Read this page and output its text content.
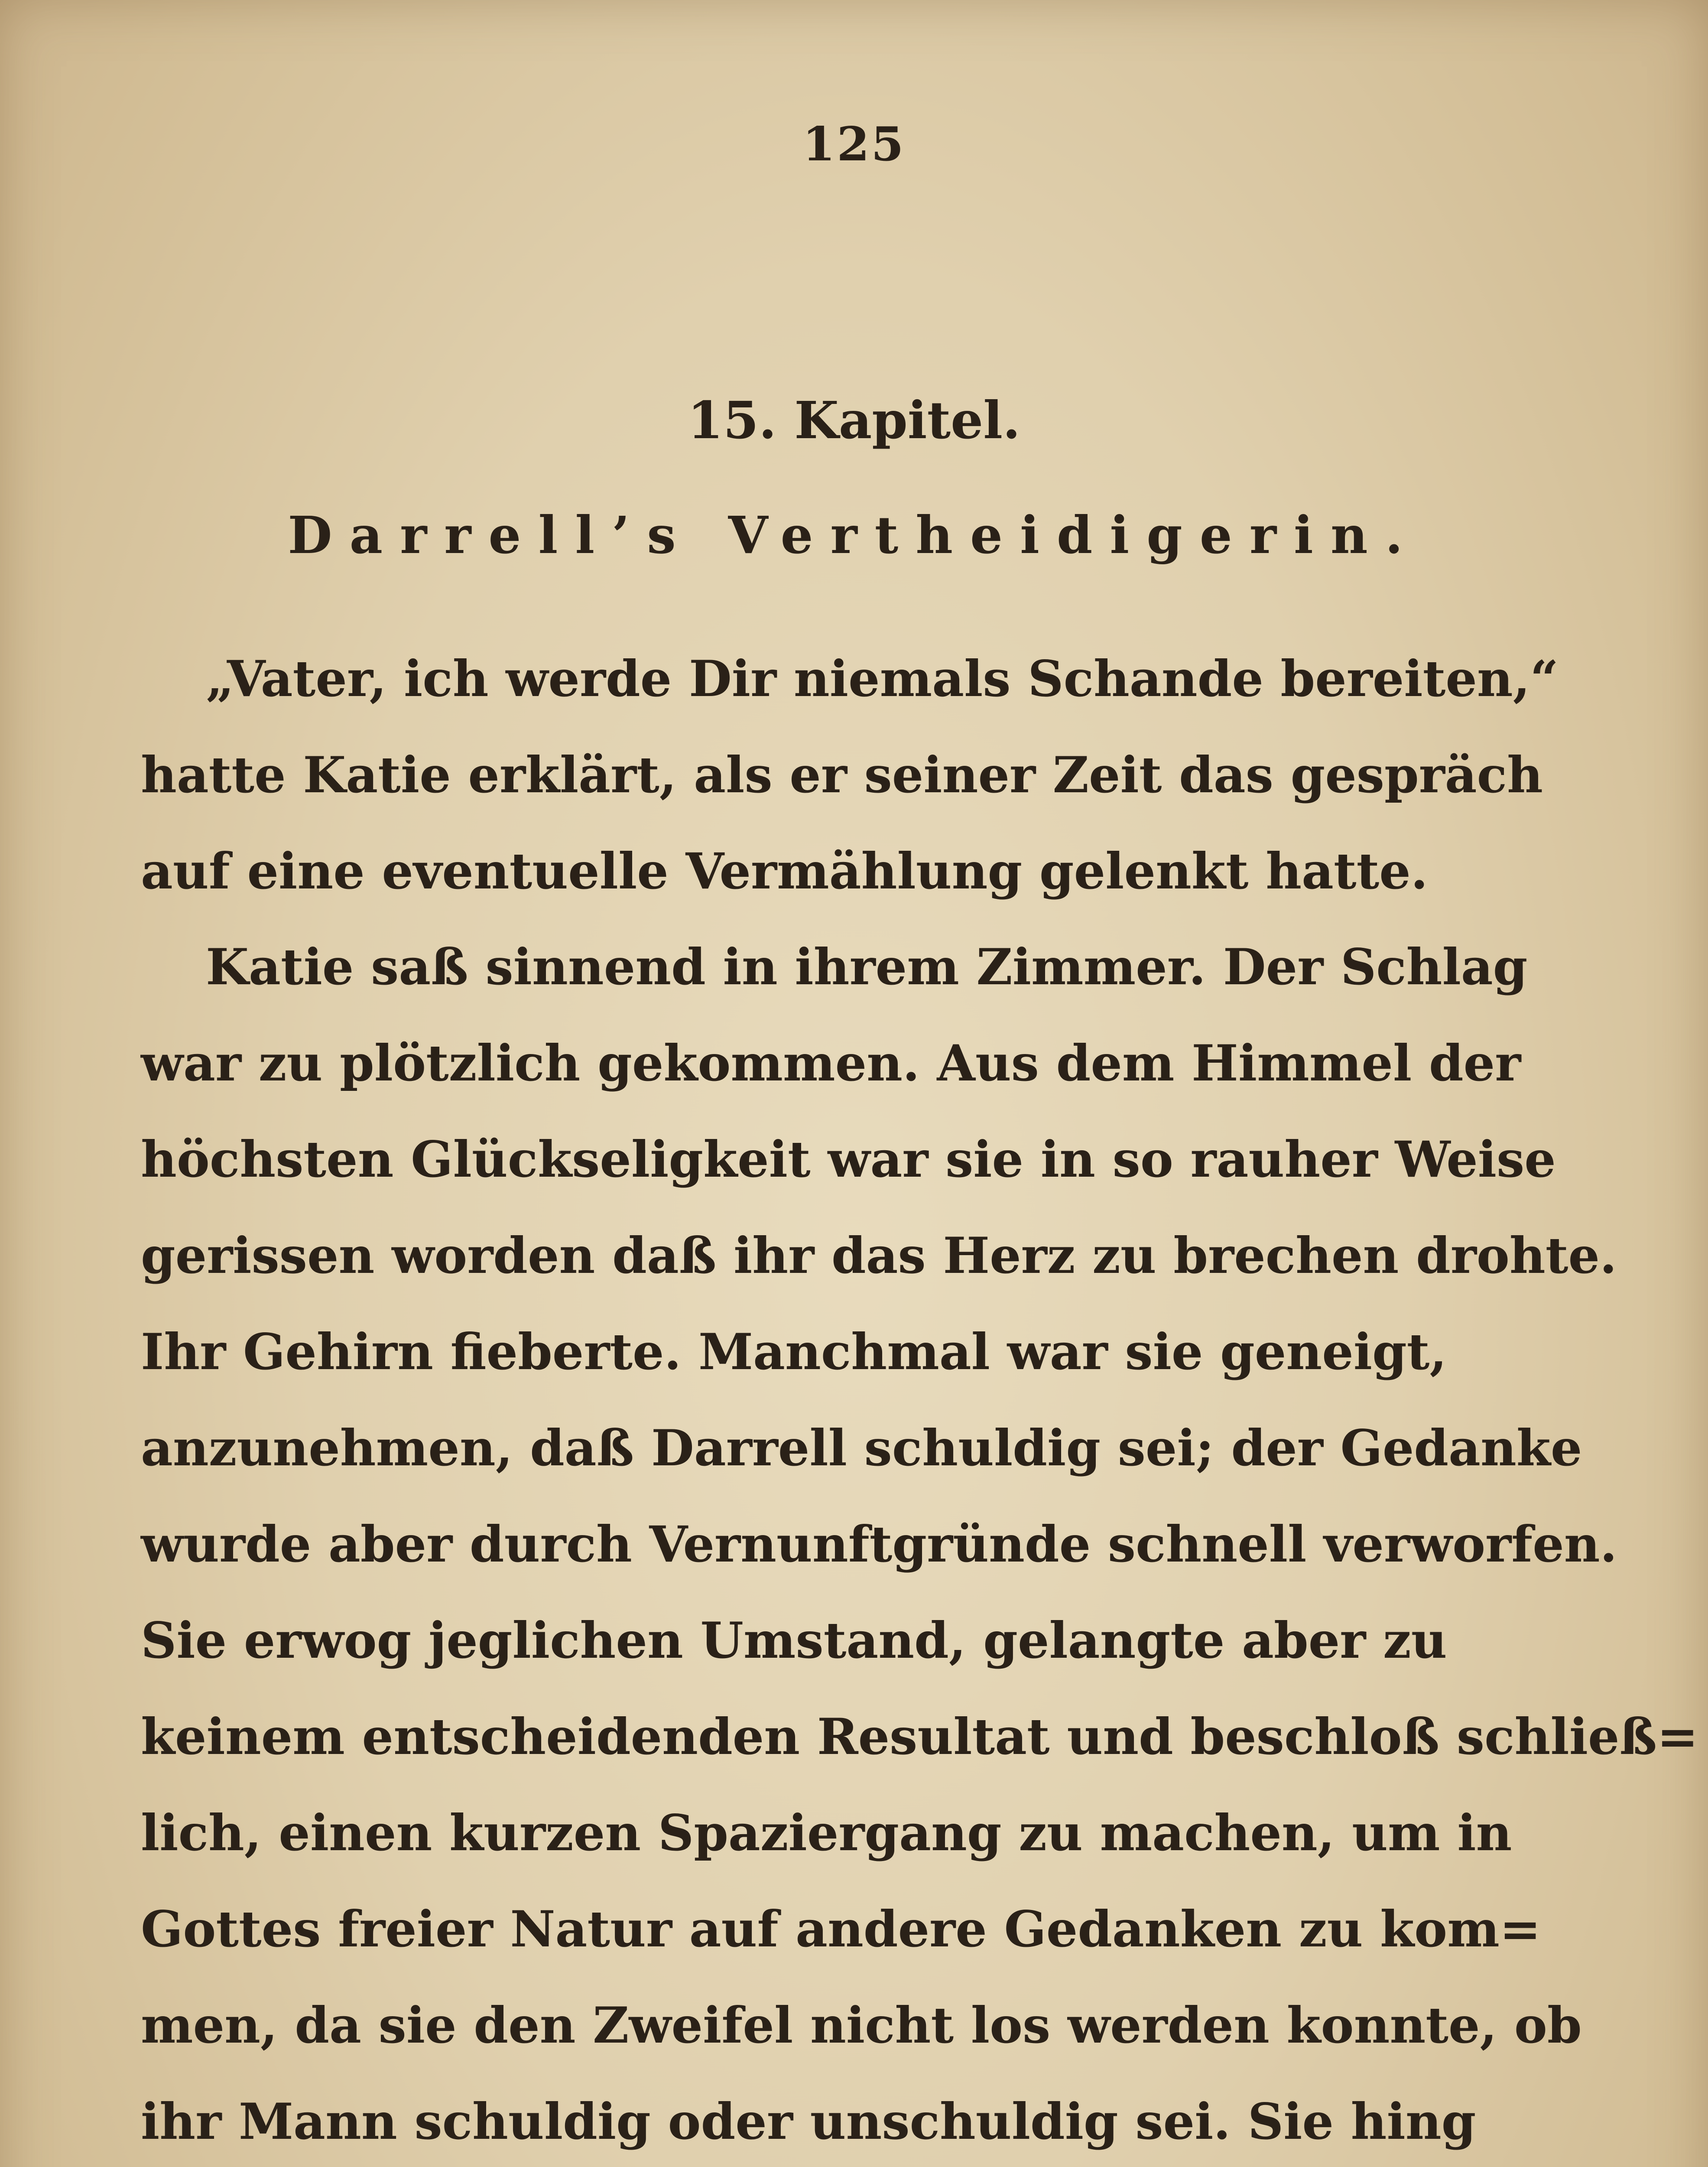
125
15. Kapitel.
Darrell’s Vertheidigerin.
„Vater, ich werde Dir niemals Schande bereiten,“
hatte Katie erklärt, als er seiner Zeit das gespräch
auf eine eventuelle Vermählung gelenkt hatte.
Katie saß sinnend in ihrem Zimmer. Der Schlag
war zu plötzlich gekommen. Aus dem Himmel der
höchsten Glückseligkeit war sie in so rauher Weise
gerissen worden daß ihr das Herz zu brechen drohte.
Ihr Gehirn fieberte. Manchmal war sie geneigt,
anzunehmen, daß Darrell schuldig sei; der Gedanke
wurde aber durch Vernunftgründe schnell verworfen.
Sie erwog jeglichen Umstand, gelangte aber zu
keinem entscheidenden Resultat und beschloß schließ=
lich, einen kurzen Spaziergang zu machen, um in
Gottes freier Natur auf andere Gedanken zu kom=
men, da sie den Zweifel nicht los werden konnte, ob
ihr Mann schuldig oder unschuldig sei. Sie hing
